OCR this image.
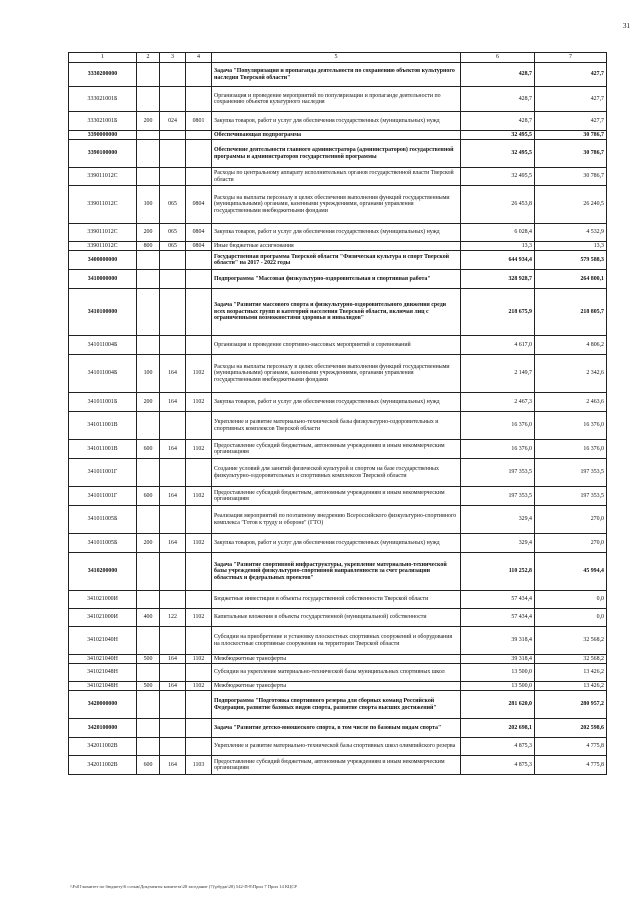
31
1	2	3	4	5	6	7
3330200000				Задача "Популяризация и пропаганда деятельности по сохранению объектов культурного наследия Тверской области"	428,7	427,7
333021001Б				Организация и проведение мероприятий по популяризации и пропаганде деятельности по сохранению объектов культурного наследия	428,7	427,7
333021001Б	200	024	0801	Закупка товаров, работ и услуг для обеспечения государственных (муниципальных) нужд	428,7	427,7
3390000000				Обеспечивающая подпрограмма	32 495,5	30 786,7
3390100000				Обеспечение деятельности главного администратора (администраторов) государственной программы и администраторов государственной программы	32 495,5	30 786,7
339011012С				Расходы по центральному аппарату исполнительных органов государственной власти Тверской области	32 495,5	30 786,7
339011012С	100	065	0804	Расходы на выплаты персоналу в целях обеспечения выполнения функций государственными (муниципальными) органами, казенными учреждениями, органами управления государственными внебюджетными фондами	26 453,8	26 240,5
339011012С	200	065	0804	Закупка товаров, работ и услуг для обеспечения государственных (муниципальных) нужд	6 028,4	4 532,9
339011012С	800	065	0804	Иные бюджетные ассигнования	13,3	13,3
3400000000				Государственная программа Тверской области "Физическая культура и спорт Тверской области" на 2017 - 2022 годы	644 934,4	579 588,3
3410000000				Подпрограмма "Массовая физкультурно-оздоровительная и спортивная работа"	328 928,7	264 800,1
3410100000				Задача "Развитие массового спорта и физкультурно-оздоровительного движения среди всех возрастных групп и категорий населения Тверской области, включая лиц с ограниченными возможностями здоровья и инвалидов"	218 675,9	218 805,7
341011004Б				Организация и проведение спортивно-массовых мероприятий и соревнований	4 617,0	4 806,2
341011004Б	100	164	1102	Расходы на выплаты персоналу в целях обеспечения выполнения функций государственными (муниципальными) органами, казенными учреждениями, органами управления государственными внебюджетными фондами	2 149,7	2 342,6
341011001Б	200	164	1102	Закупка товаров, работ и услуг для обеспечения государственных (муниципальных) нужд	2 467,3	2 463,6
341011001В				Укрепление и развитие материально-технической базы физкультурно-оздоровительных и спортивных комплексов Тверской области	16 376,0	16 376,0
341011001В	600	164	1102	Предоставление субсидий бюджетным, автономным учреждениям и иным некоммерческим организациям	16 376,0	16 376,0
341011001Г				Создание условий для занятий физической культурой и спортом на базе государственных физкультурно-оздоровительных и спортивных комплексов Тверской области	197 353,5	197 353,5
341011001Г	600	164	1102	Предоставление субсидий бюджетным, автономным учреждениям и иным некоммерческим организациям	197 353,5	197 353,5
341011005Б				Реализация мероприятий по поэтапному внедрению Всероссийского физкультурно-спортивного комплекса "Готов к труду и обороне" (ГТО)	329,4	270,0
341011005Б	200	164	1102	Закупка товаров, работ и услуг для обеспечения государственных (муниципальных) нужд	329,4	270,0
3410200000				Задача "Развитие спортивной инфраструктуры, укрепление материально-технической базы учреждений физкультурно-спортивной направленности за счет реализации областных и федеральных проектов"	110 252,8	45 994,4
341021000И				Бюджетные инвестиции в объекты государственной собственности Тверской области	57 434,4	0,0
341021000И	400	122	1102	Капитальные вложения в объекты государственной (муниципальной) собственности	57 434,4	0,0
341021040Н				Субсидии на приобретение и установку плоскостных спортивных сооружений и оборудования на плоскостные спортивные сооружения на территории Тверской области	39 318,4	32 568,2
341021040Н	500	164	1102	Межбюджетные трансферты	39 318,4	32 568,2
341021048Н				Субсидии на укрепление материально-технической базы муниципальных спортивных школ	13 500,0	13 426,2
341021048Н	500	164	1102	Межбюджетные трансферты	13 500,0	13 426,2
3420000000				Подпрограмма "Подготовка спортивного резерва для сборных команд Российской Федерации, развитие базовых видов спорта, развитие спорта высших достижений"	281 620,0	280 957,2
3420100000				Задача "Развитие детско-юношеского спорта, в том числе по базовым видам спорта"	202 698,1	202 598,6
342011002В				Укрепление и развитие материально-технической базы спортивных школ олимпийского резерва	4 875,3	4 775,8
342011002В	600	164	1103	Предоставление субсидий бюджетным, автономным учреждениям и иным некоммерческим организациям	4 875,3	4 775,8
\\Fs01\комитет по бюджету\6 созыв\Документы комитета\28 заседание (7)\рбудж\28) 542-П-8\Прил 7 Прил 14 КЦСР
